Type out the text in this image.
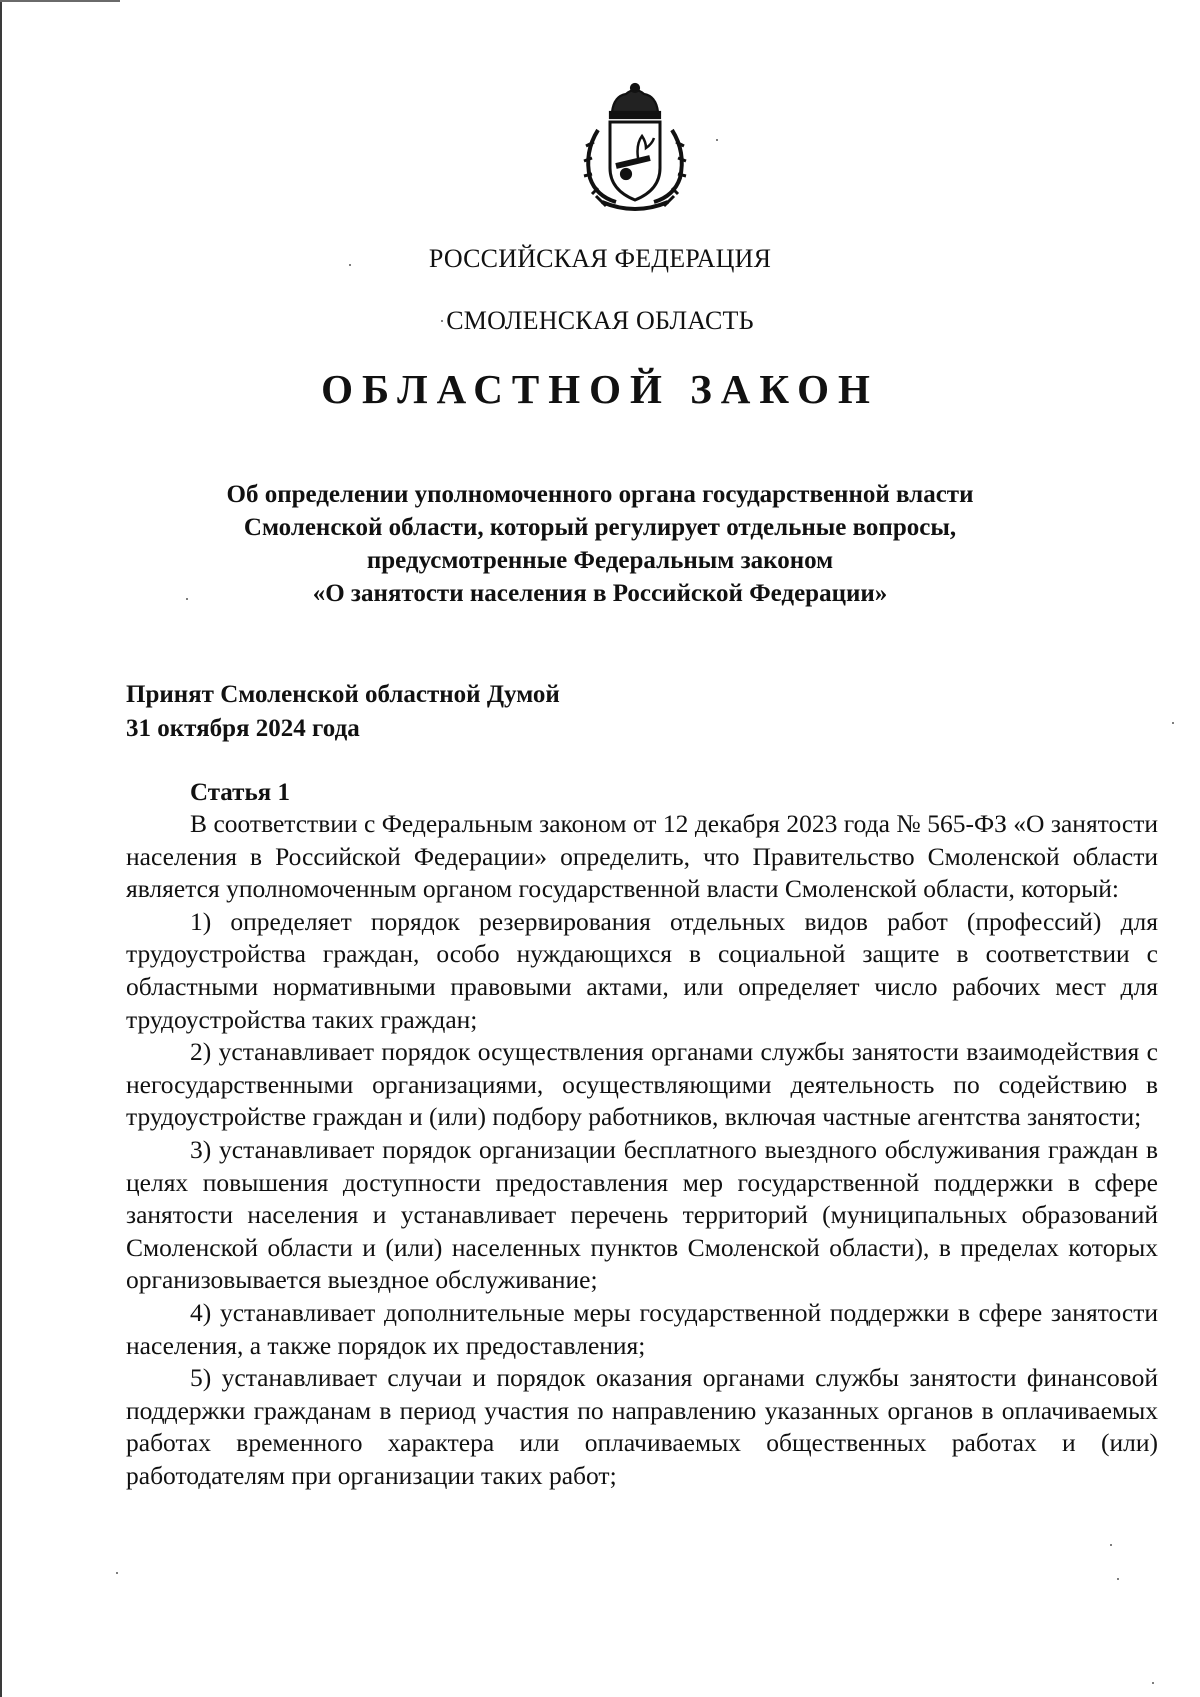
РОССИЙСКАЯ ФЕДЕРАЦИЯ
СМОЛЕНСКАЯ ОБЛАСТЬ
ОБЛАСТНОЙ ЗАКОН
Об определении уполномоченного органа государственной власти
Смоленской области, который регулирует отдельные вопросы,
предусмотренные Федеральным законом
«О занятости населения в Российской Федерации»
Принят Смоленской областной Думой
31 октября 2024 года
Статья 1

В соответствии с Федеральным законом от 12 декабря 2023 года № 565-ФЗ «О занятости населения в Российской Федерации» определить, что Правительство Смоленской области является уполномоченным органом государственной власти Смоленской области, который:

1) определяет порядок резервирования отдельных видов работ (профессий) для трудоустройства граждан, особо нуждающихся в социальной защите в соответствии с областными нормативными правовыми актами, или определяет число рабочих мест для трудоустройства таких граждан;

2) устанавливает порядок осуществления органами службы занятости взаимодействия с негосударственными организациями, осуществляющими деятельность по содействию в трудоустройстве граждан и (или) подбору работников, включая частные агентства занятости;

3) устанавливает порядок организации бесплатного выездного обслуживания граждан в целях повышения доступности предоставления мер государственной поддержки в сфере занятости населения и устанавливает перечень территорий (муниципальных образований Смоленской области и (или) населенных пунктов Смоленской области), в пределах которых организовывается выездное обслуживание;

4) устанавливает дополнительные меры государственной поддержки в сфере занятости населения, а также порядок их предоставления;

5) устанавливает случаи и порядок оказания органами службы занятости финансовой поддержки гражданам в период участия по направлению указанных органов в оплачиваемых работах временного характера или оплачиваемых общественных работах и (или) работодателям при организации таких работ;
